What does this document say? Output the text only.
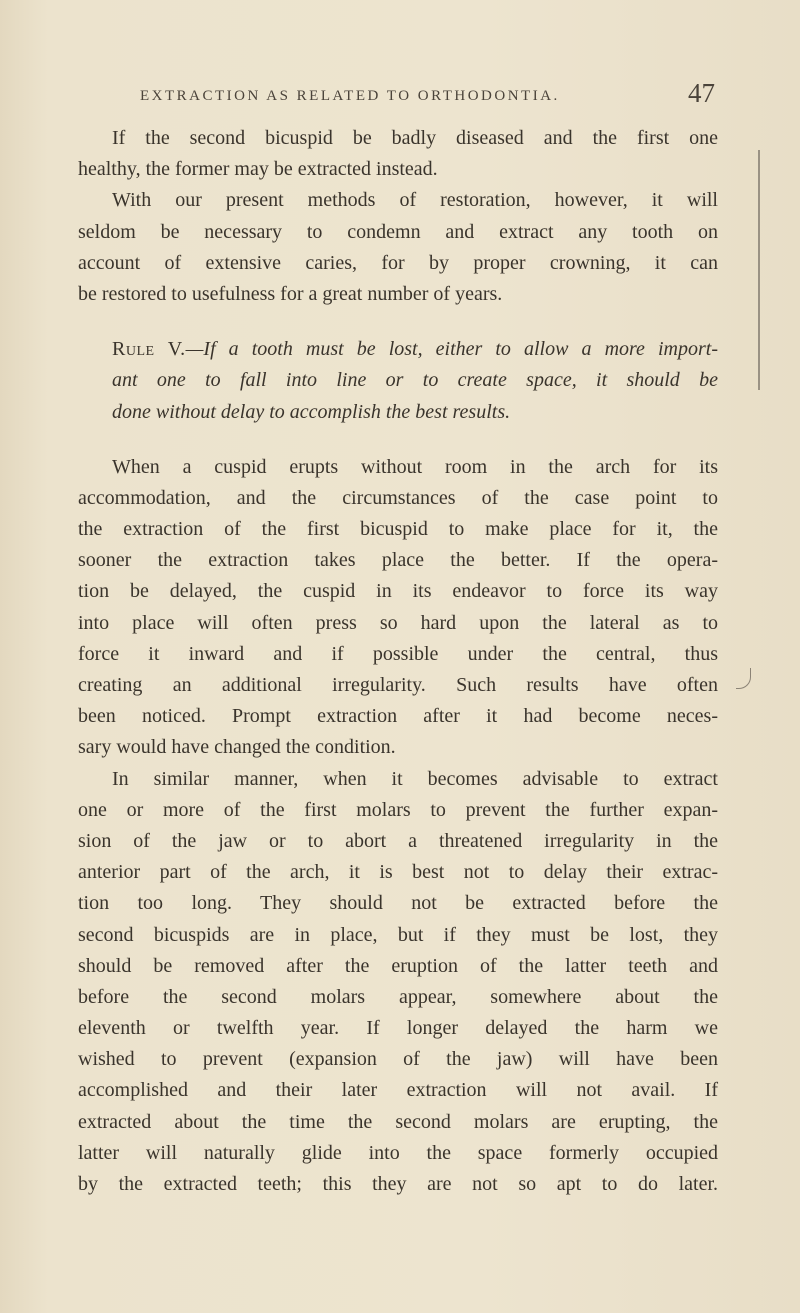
EXTRACTION AS RELATED TO ORTHODONTIA.	47
If the second bicuspid be badly diseased and the first one
healthy, the former may be extracted instead.
With our present methods of restoration, however, it will
seldom be necessary to condemn and extract any tooth on
account of extensive caries, for by proper crowning, it can
be restored to usefulness for a great number of years.
Rule V.—If a tooth must be lost, either to allow a more import-
ant one to fall into line or to create space, it should be
done without delay to accomplish the best results.
When a cuspid erupts without room in the arch for its
accommodation, and the circumstances of the case point to
the extraction of the first bicuspid to make place for it, the
sooner the extraction takes place the better. If the opera-
tion be delayed, the cuspid in its endeavor to force its way
into place will often press so hard upon the lateral as to
force it inward and if possible under the central, thus
creating an additional irregularity. Such results have often
been noticed. Prompt extraction after it had become neces-
sary would have changed the condition.
In similar manner, when it becomes advisable to extract
one or more of the first molars to prevent the further expan-
sion of the jaw or to abort a threatened irregularity in the
anterior part of the arch, it is best not to delay their extrac-
tion too long. They should not be extracted before the
second bicuspids are in place, but if they must be lost, they
should be removed after the eruption of the latter teeth and
before the second molars appear, somewhere about the
eleventh or twelfth year. If longer delayed the harm we
wished to prevent (expansion of the jaw) will have been
accomplished and their later extraction will not avail. If
extracted about the time the second molars are erupting, the
latter will naturally glide into the space formerly occupied
by the extracted teeth; this they are not so apt to do later.
